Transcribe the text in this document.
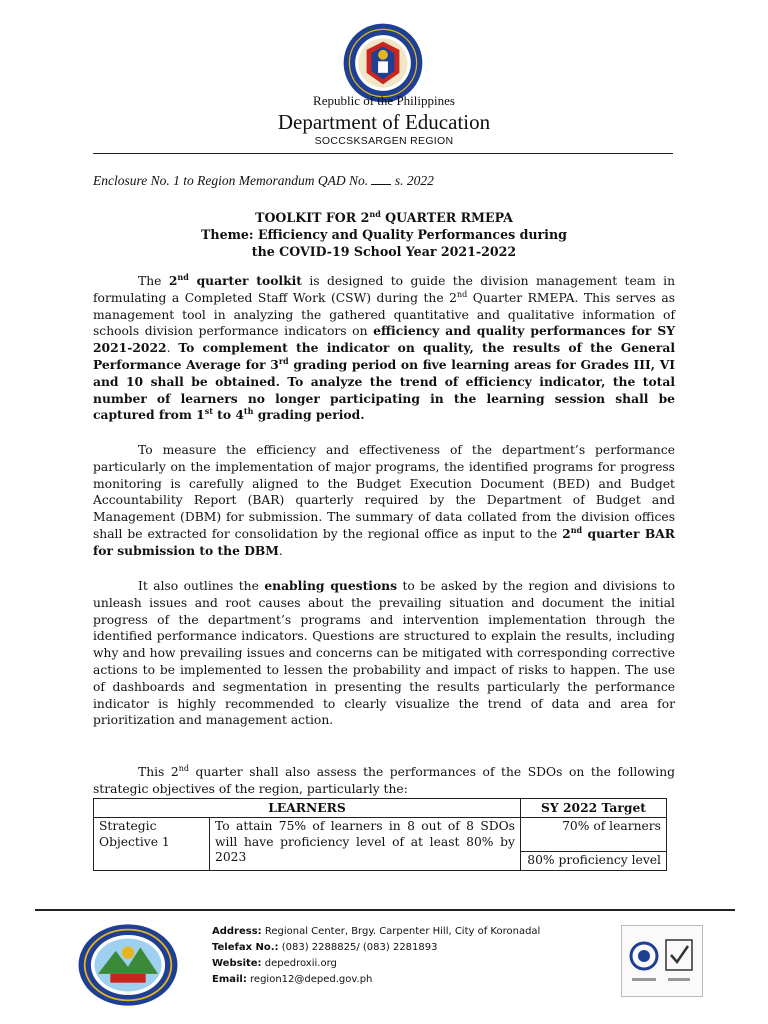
Republic of the Philippines
Department of Education
SOCCSKSARGEN REGION
Enclosure No. 1 to Region Memorandum QAD No.  s. 2022
TOOLKIT FOR 2nd QUARTER RMEPA
Theme: Efficiency and Quality Performances during
the COVID-19 School Year 2021-2022
The 2nd quarter toolkit is designed to guide the division management team in formulating a Completed Staff Work (CSW) during the 2nd Quarter RMEPA. This serves as management tool in analyzing the gathered quantitative and qualitative information of schools division performance indicators on efficiency and quality performances for SY 2021-2022. To complement the indicator on quality, the results of the General Performance Average for 3rd grading period on five learning areas for Grades III, VI and 10 shall be obtained. To analyze the trend of efficiency indicator, the total number of learners no longer participating in the learning session shall be captured from 1st to 4th grading period.
To measure the efficiency and effectiveness of the department’s performance particularly on the implementation of major programs, the identified programs for progress monitoring is carefully aligned to the Budget Execution Document (BED) and Budget Accountability Report (BAR) quarterly required by the Department of Budget and Management (DBM) for submission. The summary of data collated from the division offices shall be extracted for consolidation by the regional office as input to the 2nd quarter BAR for submission to the DBM.
It also outlines the enabling questions to be asked by the region and divisions to unleash issues and root causes about the prevailing situation and document the initial progress of the department’s programs and intervention implementation through the identified performance indicators. Questions are structured to explain the results, including why and how prevailing issues and concerns can be mitigated with corresponding corrective actions to be implemented to lessen the probability and impact of risks to happen. The use of dashboards and segmentation in presenting the results particularly the performance indicator is highly recommended to clearly visualize the trend of data and area for prioritization and management action.
This 2nd quarter shall also assess the performances of the SDOs on the following strategic objectives of the region, particularly the:
LEARNERS		SY 2022 Target
Strategic Objective 1	To attain 75% of learners in 8 out of 8 SDOs will have proficiency level of at least 80% by 2023	70% of learners
		80% proficiency level
Address: Regional Center, Brgy. Carpenter Hill, City of Koronadal
Telefax No.: (083) 2288825/ (083) 2281893
Website: depedroxii.org
Email: region12@deped.gov.ph
